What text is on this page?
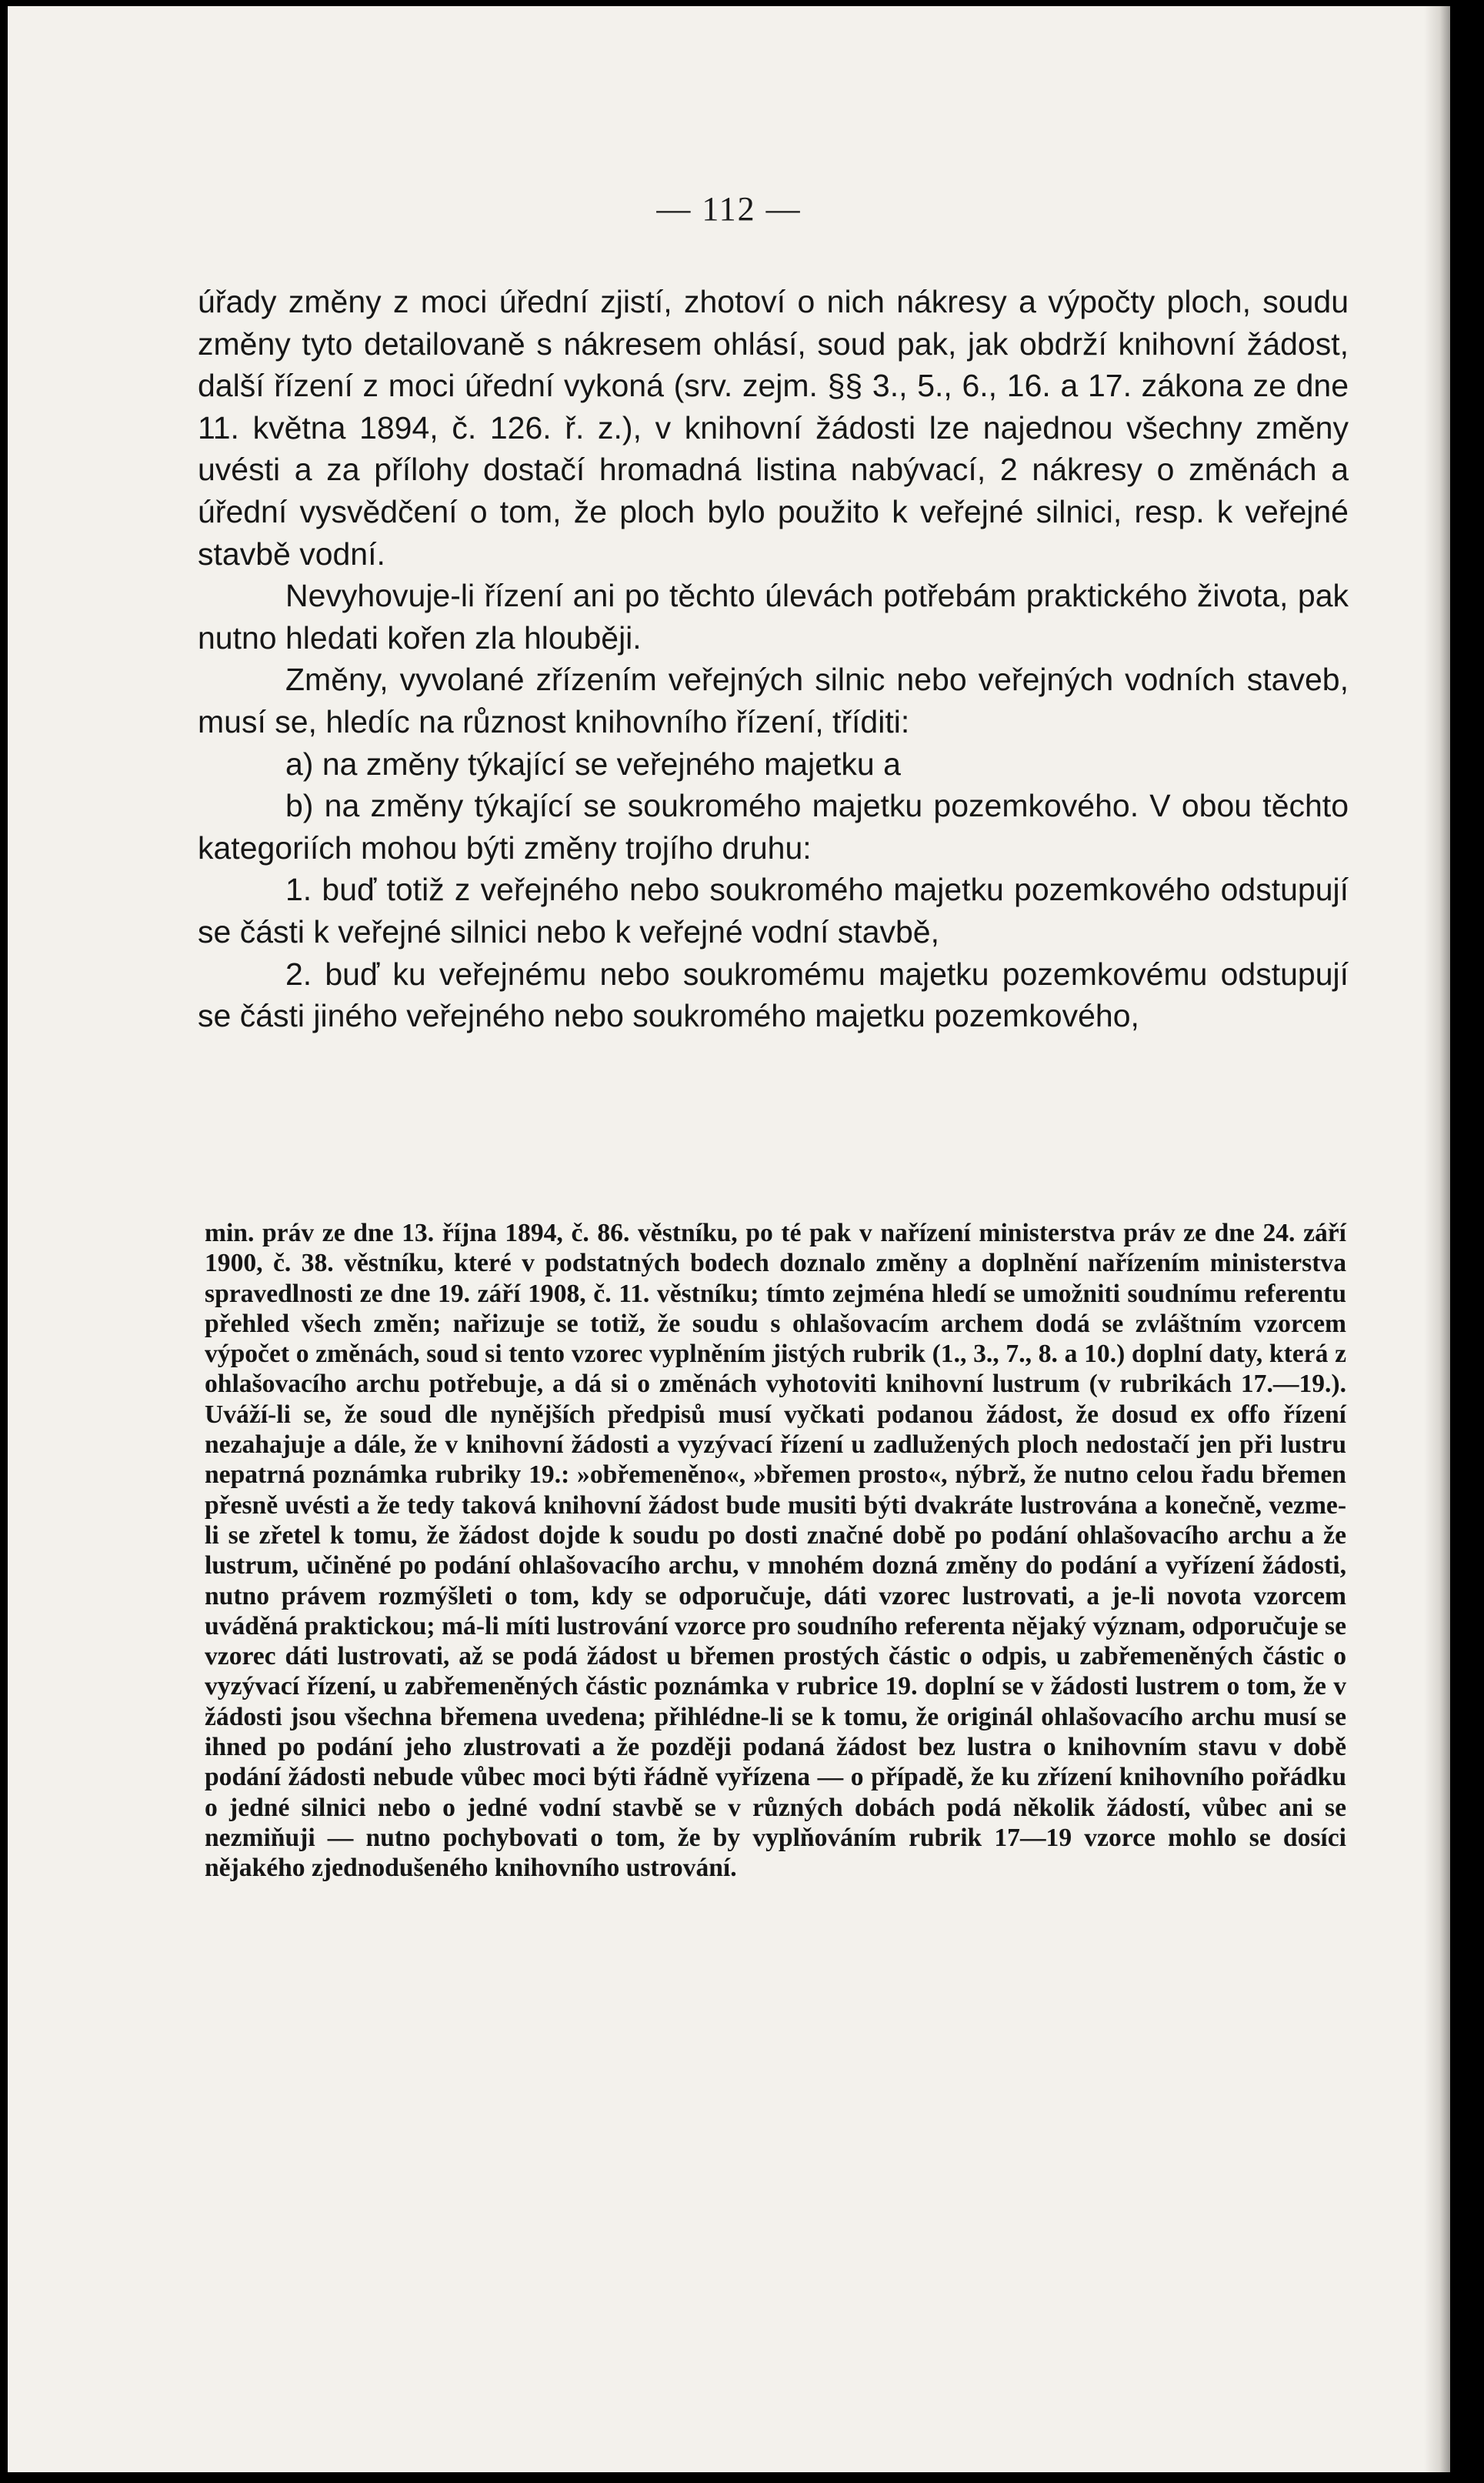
— 112 —

úřady změny z moci úřední zjistí, zhotoví o nich nákresy a výpočty ploch, soudu změny tyto detailovaně s nákresem ohlásí, soud pak, jak obdrží knihovní žádost, další řízení z moci úřední vykoná (srv. zejm. §§ 3., 5., 6., 16. a 17. zákona ze dne 11. května 1894, č. 126. ř. z.), v knihovní žádosti lze najednou všechny změny uvésti a za přílohy dostačí hromadná listina nabývací, 2 nákresy o změnách a úřední vysvědčení o tom, že ploch bylo použito k veřejné silnici, resp. k veřejné stavbě vodní.

Nevyhovuje-li řízení ani po těchto úlevách potřebám praktického života, pak nutno hledati kořen zla hlouběji.

Změny, vyvolané zřízením veřejných silnic nebo veřejných vodních staveb, musí se, hledíc na různost knihovního řízení, tříditi:

a) na změny týkající se veřejného majetku a

b) na změny týkající se soukromého majetku pozemkového. V obou těchto kategoriích mohou býti změny trojího druhu:

1. buď totiž z veřejného nebo soukromého majetku pozemkového odstupují se části k veřejné silnici nebo k veřejné vodní stavbě,

2. buď ku veřejnému nebo soukromému majetku pozemkovému odstupují se části jiného veřejného nebo soukromého majetku pozemkového,

min. práv ze dne 13. října 1894, č. 86. věstníku, po té pak v nařízení ministerstva práv ze dne 24. září 1900, č. 38. věstníku, které v podstatných bodech doznalo změny a doplnění nařízením ministerstva spravedlnosti ze dne 19. září 1908, č. 11. věstníku; tímto zejména hledí se umožniti soudnímu referentu přehled všech změn; nařizuje se totiž, že soudu s ohlašovacím archem dodá se zvláštním vzorcem výpočet o změnách, soud si tento vzorec vyplněním jistých rubrik (1., 3., 7., 8. a 10.) doplní daty, která z ohlašovacího archu potřebuje, a dá si o změnách vyhotoviti knihovní lustrum (v rubrikách 17.—19.). Uváží-li se, že soud dle nynějších předpisů musí vyčkati podanou žádost, že dosud ex offo řízení nezahajuje a dále, že v knihovní žádosti a vyzývací řízení u zadlužených ploch nedostačí jen při lustru nepatrná poznámka rubriky 19.: »obřemeněno«, »břemen prosto«, nýbrž, že nutno celou řadu břemen přesně uvésti a že tedy taková knihovní žádost bude musiti býti dvakráte lustrována a konečně, vezme-li se zřetel k tomu, že žádost dojde k soudu po dosti značné době po podání ohlašovacího archu a že lustrum, učiněné po podání ohlašovacího archu, v mnohém dozná změny do podání a vyřízení žádosti, nutno právem rozmýšleti o tom, kdy se odporučuje, dáti vzorec lustrovati, a je-li novota vzorcem uváděná praktickou; má-li míti lustrování vzorce pro soudního referenta nějaký význam, odporučuje se vzorec dáti lustrovati, až se podá žádost u břemen prostých částic o odpis, u zabřemeněných částic o vyzývací řízení, u zabřemeněných částic poznámka v rubrice 19. doplní se v žádosti lustrem o tom, že v žádosti jsou všechna břemena uvedena; přihlédne-li se k tomu, že originál ohlašovacího archu musí se ihned po podání jeho zlustrovati a že později podaná žádost bez lustra o knihovním stavu v době podání žádosti nebude vůbec moci býti řádně vyřízena — o případě, že ku zřízení knihovního pořádku o jedné silnici nebo o jedné vodní stavbě se v různých dobách podá několik žádostí, vůbec ani se nezmiňuji — nutno pochybovati o tom, že by vyplňováním rubrik 17—19 vzorce mohlo se dosíci nějakého zjednodušeného knihovního ustrování.
